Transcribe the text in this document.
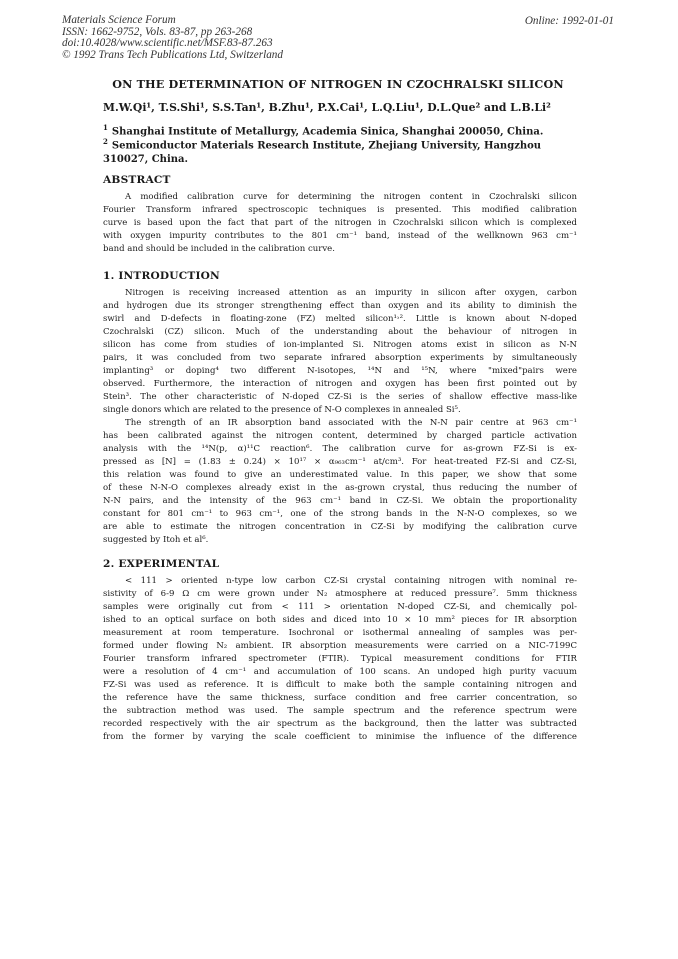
Materials Science Forum
ISSN: 1662-9752, Vols. 83-87, pp 263-268
doi:10.4028/www.scientific.net/MSF.83-87.263
© 1992 Trans Tech Publications Ltd, Switzerland
Online: 1992-01-01
ON THE DETERMINATION OF NITROGEN IN CZOCHRALSKI SILICON
M.W.Qi¹, T.S.Shi¹, S.S.Tan¹, B.Zhu¹, P.X.Cai¹, L.Q.Liu¹, D.L.Que² and L.B.Li²
$^1$ Shanghai Institute of Metallurgy, Academia Sinica, Shanghai 200050, China.
$^2$ Semiconductor Materials Research Institute, Zhejiang University, Hangzhou 310027, China.
ABSTRACT
A modified calibration curve for determining the nitrogen content in Czochralski silicon
Fourier Transform infrared spectroscopic techniques is presented. This modified calibration
curve is based upon the fact that part of the nitrogen in Czochralski silicon which is complexed
with oxygen impurity contributes to the 801 cm⁻¹ band, instead of the wellknown 963 cm⁻¹
band and should be included in the calibration curve.
1. INTRODUCTION
Nitrogen is receiving increased attention as an impurity in silicon after oxygen, carbon
and hydrogen due its stronger strengthening effect than oxygen and its ability to diminish the
swirl and D-defects in floating-zone (FZ) melted silicon¹˒². Little is known about N-doped
Czochralski (CZ) silicon. Much of the understanding about the behaviour of nitrogen in
silicon has come from studies of ion-implanted Si. Nitrogen atoms exist in silicon as N-N
pairs, it was concluded from two separate infrared absorption experiments by simultaneously
implanting³ or doping⁴ two different N-isotopes, ¹⁴N and ¹⁵N, where "mixed"pairs were
observed. Furthermore, the interaction of nitrogen and oxygen has been first pointed out by
Stein³. The other characteristic of N-doped CZ-Si is the series of shallow effective mass-like
single donors which are related to the presence of N-O complexes in annealed Si⁵.
The strength of an IR absorption band associated with the N-N pair centre at 963 cm⁻¹
has been calibrated against the nitrogen content, determined by charged particle activation
analysis with the ¹⁴N(p, α)¹¹C reaction⁶. The calibration curve for as-grown FZ-Si is ex-
pressed as [N] = (1.83 ± 0.24) × 10¹⁷ × α₉₆₃cm⁻¹ at/cm³. For heat-treated FZ-Si and CZ-Si,
this relation was found to give an underestimated value. In this paper, we show that some
of these N-N-O complexes already exist in the as-grown crystal, thus reducing the number of
N-N pairs, and the intensity of the 963 cm⁻¹ band in CZ-Si. We obtain the proportionality
constant for 801 cm⁻¹ to 963 cm⁻¹, one of the strong bands in the N-N-O complexes, so we
are able to estimate the nitrogen concentration in CZ-Si by modifying the calibration curve
suggested by Itoh et al⁶.
2. EXPERIMENTAL
< 111 > oriented n-type low carbon CZ-Si crystal containing nitrogen with nominal re-
sistivity of 6-9 Ω cm were grown under N₂ atmosphere at reduced pressure⁷. 5mm thickness
samples were originally cut from < 111 > orientation N-doped CZ-Si, and chemically pol-
ished to an optical surface on both sides and diced into 10 × 10 mm² pieces for IR absorption
measurement at room temperature. Isochronal or isothermal annealing of samples was per-
formed under flowing N₂ ambient. IR absorption measurements were carried on a NIC-7199C
Fourier transform infrared spectrometer (FTIR). Typical measurement conditions for FTIR
were a resolution of 4 cm⁻¹ and accumulation of 100 scans. An undoped high purity vacuum
FZ-Si was used as reference. It is difficult to make both the sample containing nitrogen and
the reference have the same thickness, surface condition and free carrier concentration, so
the subtraction method was used. The sample spectrum and the reference spectrum were
recorded respectively with the air spectrum as the background, then the latter was subtracted
from the former by varying the scale coefficient to minimise the influence of the difference
